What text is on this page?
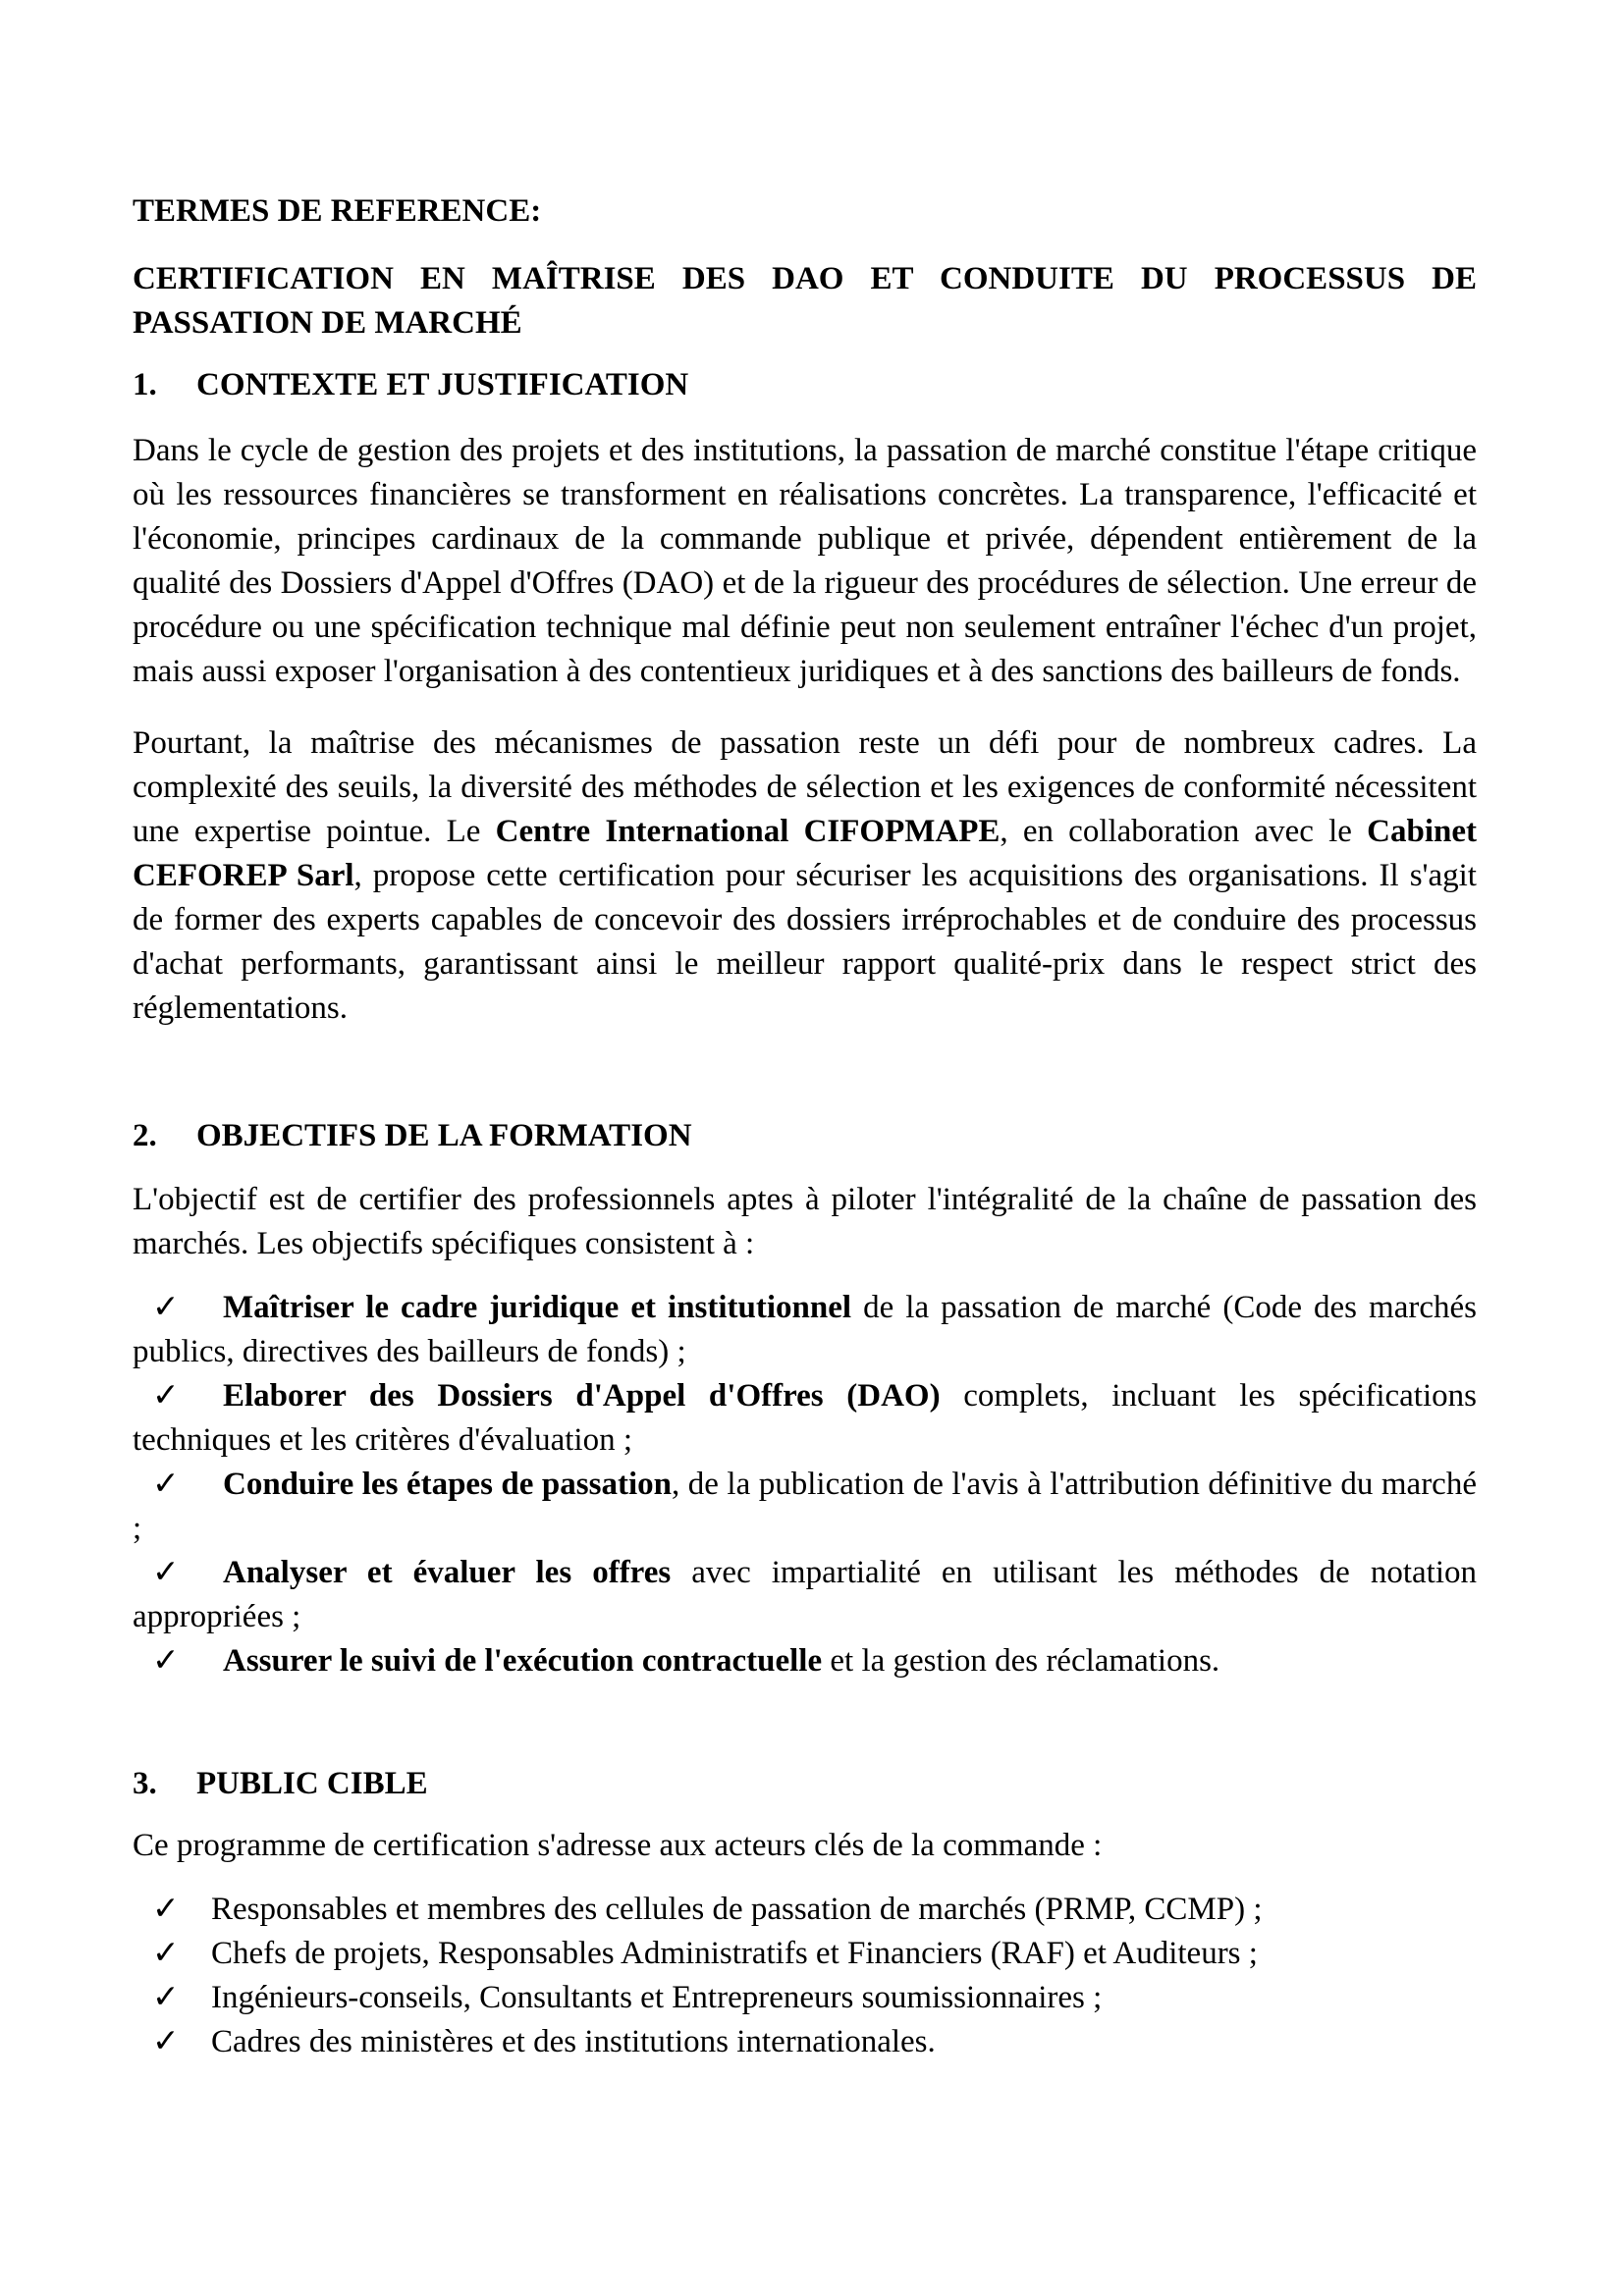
TERMES DE REFERENCE:

CERTIFICATION EN MAÎTRISE DES DAO ET CONDUITE DU PROCESSUS DE PASSATION DE MARCHÉ

1. CONTEXTE ET JUSTIFICATION

Dans le cycle de gestion des projets et des institutions, la passation de marché constitue l'étape critique où les ressources financières se transforment en réalisations concrètes. La transparence, l'efficacité et l'économie, principes cardinaux de la commande publique et privée, dépendent entièrement de la qualité des Dossiers d'Appel d'Offres (DAO) et de la rigueur des procédures de sélection. Une erreur de procédure ou une spécification technique mal définie peut non seulement entraîner l'échec d'un projet, mais aussi exposer l'organisation à des contentieux juridiques et à des sanctions des bailleurs de fonds.

Pourtant, la maîtrise des mécanismes de passation reste un défi pour de nombreux cadres. La complexité des seuils, la diversité des méthodes de sélection et les exigences de conformité nécessitent une expertise pointue. Le Centre International CIFOPMAPE, en collaboration avec le Cabinet CEFOREP Sarl, propose cette certification pour sécuriser les acquisitions des organisations. Il s'agit de former des experts capables de concevoir des dossiers irréprochables et de conduire des processus d'achat performants, garantissant ainsi le meilleur rapport qualité-prix dans le respect strict des réglementations.

2. OBJECTIFS DE LA FORMATION

L'objectif est de certifier des professionnels aptes à piloter l'intégralité de la chaîne de passation des marchés. Les objectifs spécifiques consistent à :

✓ Maîtriser le cadre juridique et institutionnel de la passation de marché (Code des marchés publics, directives des bailleurs de fonds) ;

✓ Elaborer des Dossiers d'Appel d'Offres (DAO) complets, incluant les spécifications techniques et les critères d'évaluation ;

✓ Conduire les étapes de passation, de la publication de l'avis à l'attribution définitive du marché ;

✓ Analyser et évaluer les offres avec impartialité en utilisant les méthodes de notation appropriées ;

✓ Assurer le suivi de l'exécution contractuelle et la gestion des réclamations.

3. PUBLIC CIBLE

Ce programme de certification s'adresse aux acteurs clés de la commande :

✓ Responsables et membres des cellules de passation de marchés (PRMP, CCMP) ;

✓ Chefs de projets, Responsables Administratifs et Financiers (RAF) et Auditeurs ;

✓ Ingénieurs-conseils, Consultants et Entrepreneurs soumissionnaires ;

✓ Cadres des ministères et des institutions internationales.
